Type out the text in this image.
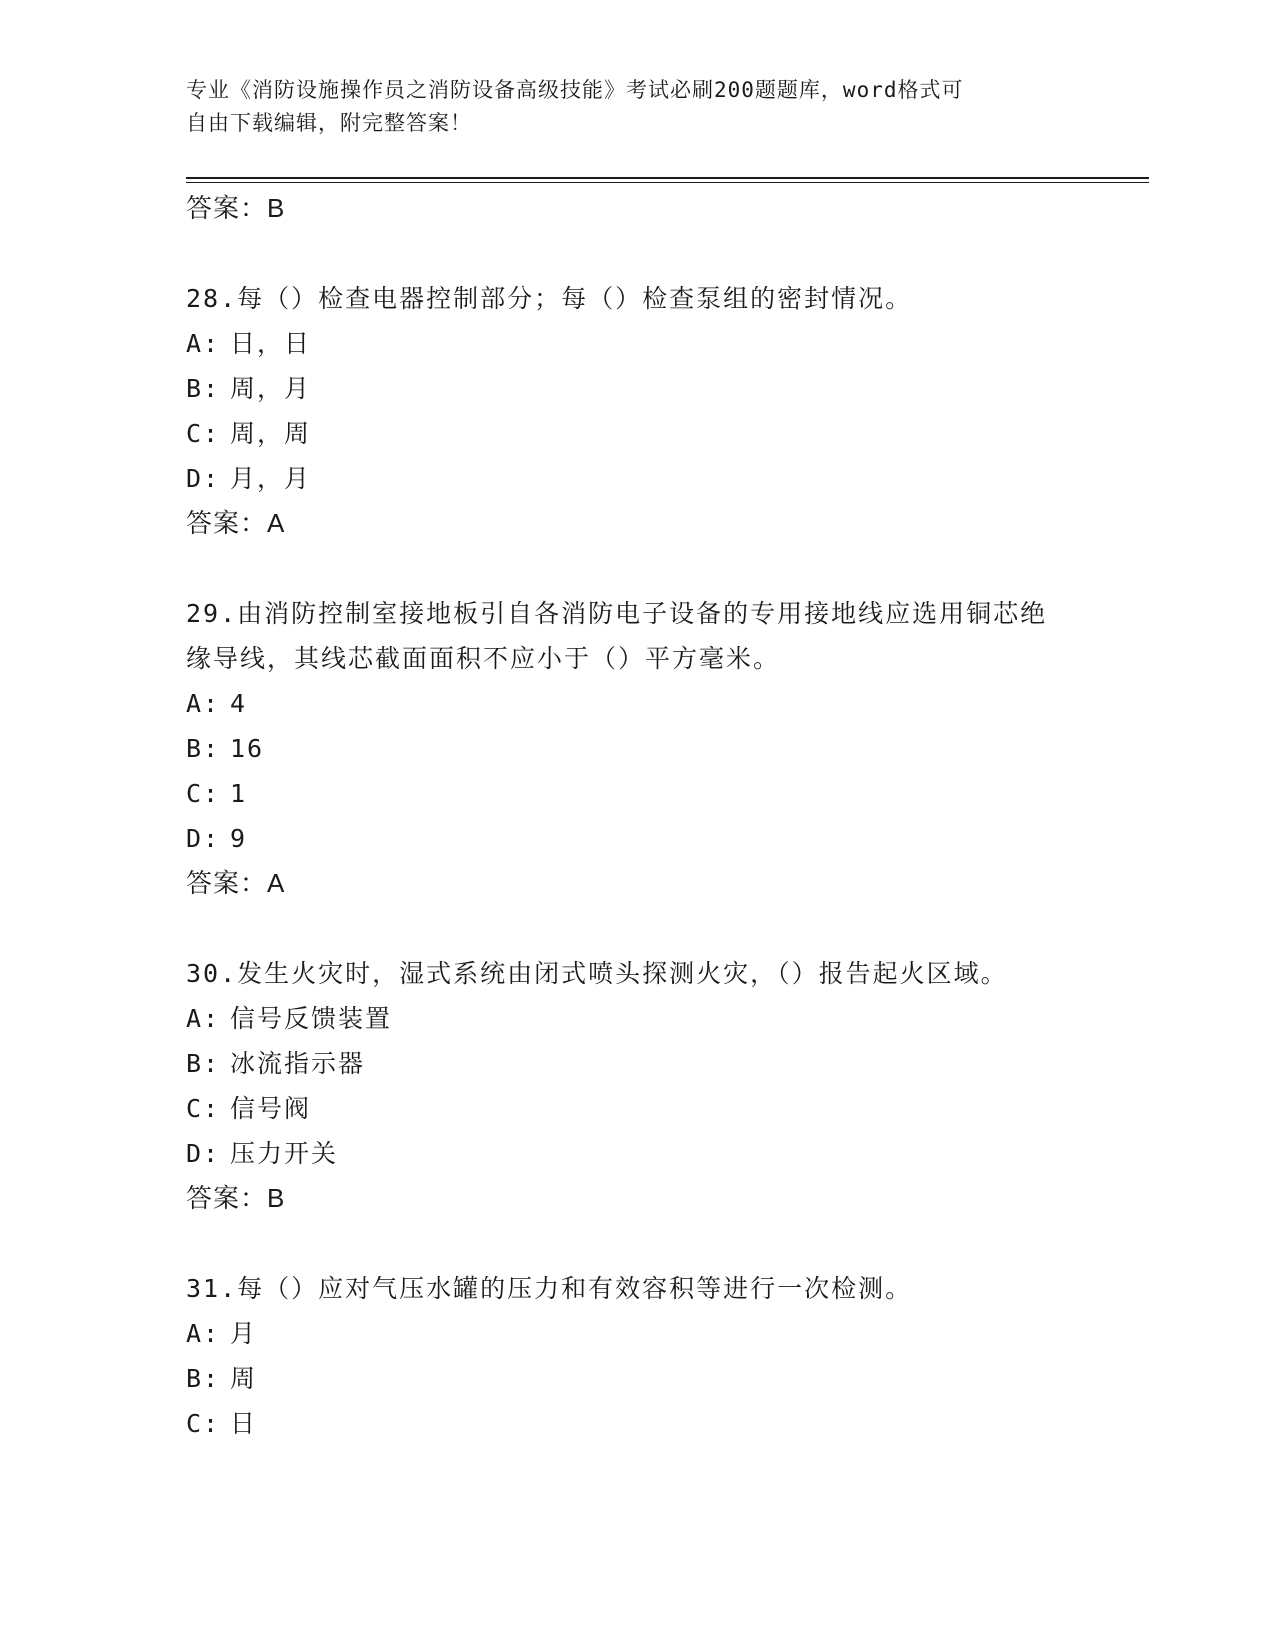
专业《消防设施操作员之消防设备高级技能》考试必刷200题题库，word格式可
自由下载编辑，附完整答案！
答案：B
28.每（）检查电器控制部分；每（）检查泵组的密封情况。
A: 日，日
B: 周，月
C: 周，周
D: 月，月
答案：A
29.由消防控制室接地板引自各消防电子设备的专用接地线应选用铜芯绝缘导线，其线芯截面面积不应小于（）平方毫米。
A: 4
B: 16
C: 1
D: 9
答案：A
30.发生火灾时，湿式系统由闭式喷头探测火灾，（）报告起火区域。
A: 信号反馈装置
B: 冰流指示器
C: 信号阀
D: 压力开关
答案：B
31.每（）应对气压水罐的压力和有效容积等进行一次检测。
A: 月
B: 周
C: 日
